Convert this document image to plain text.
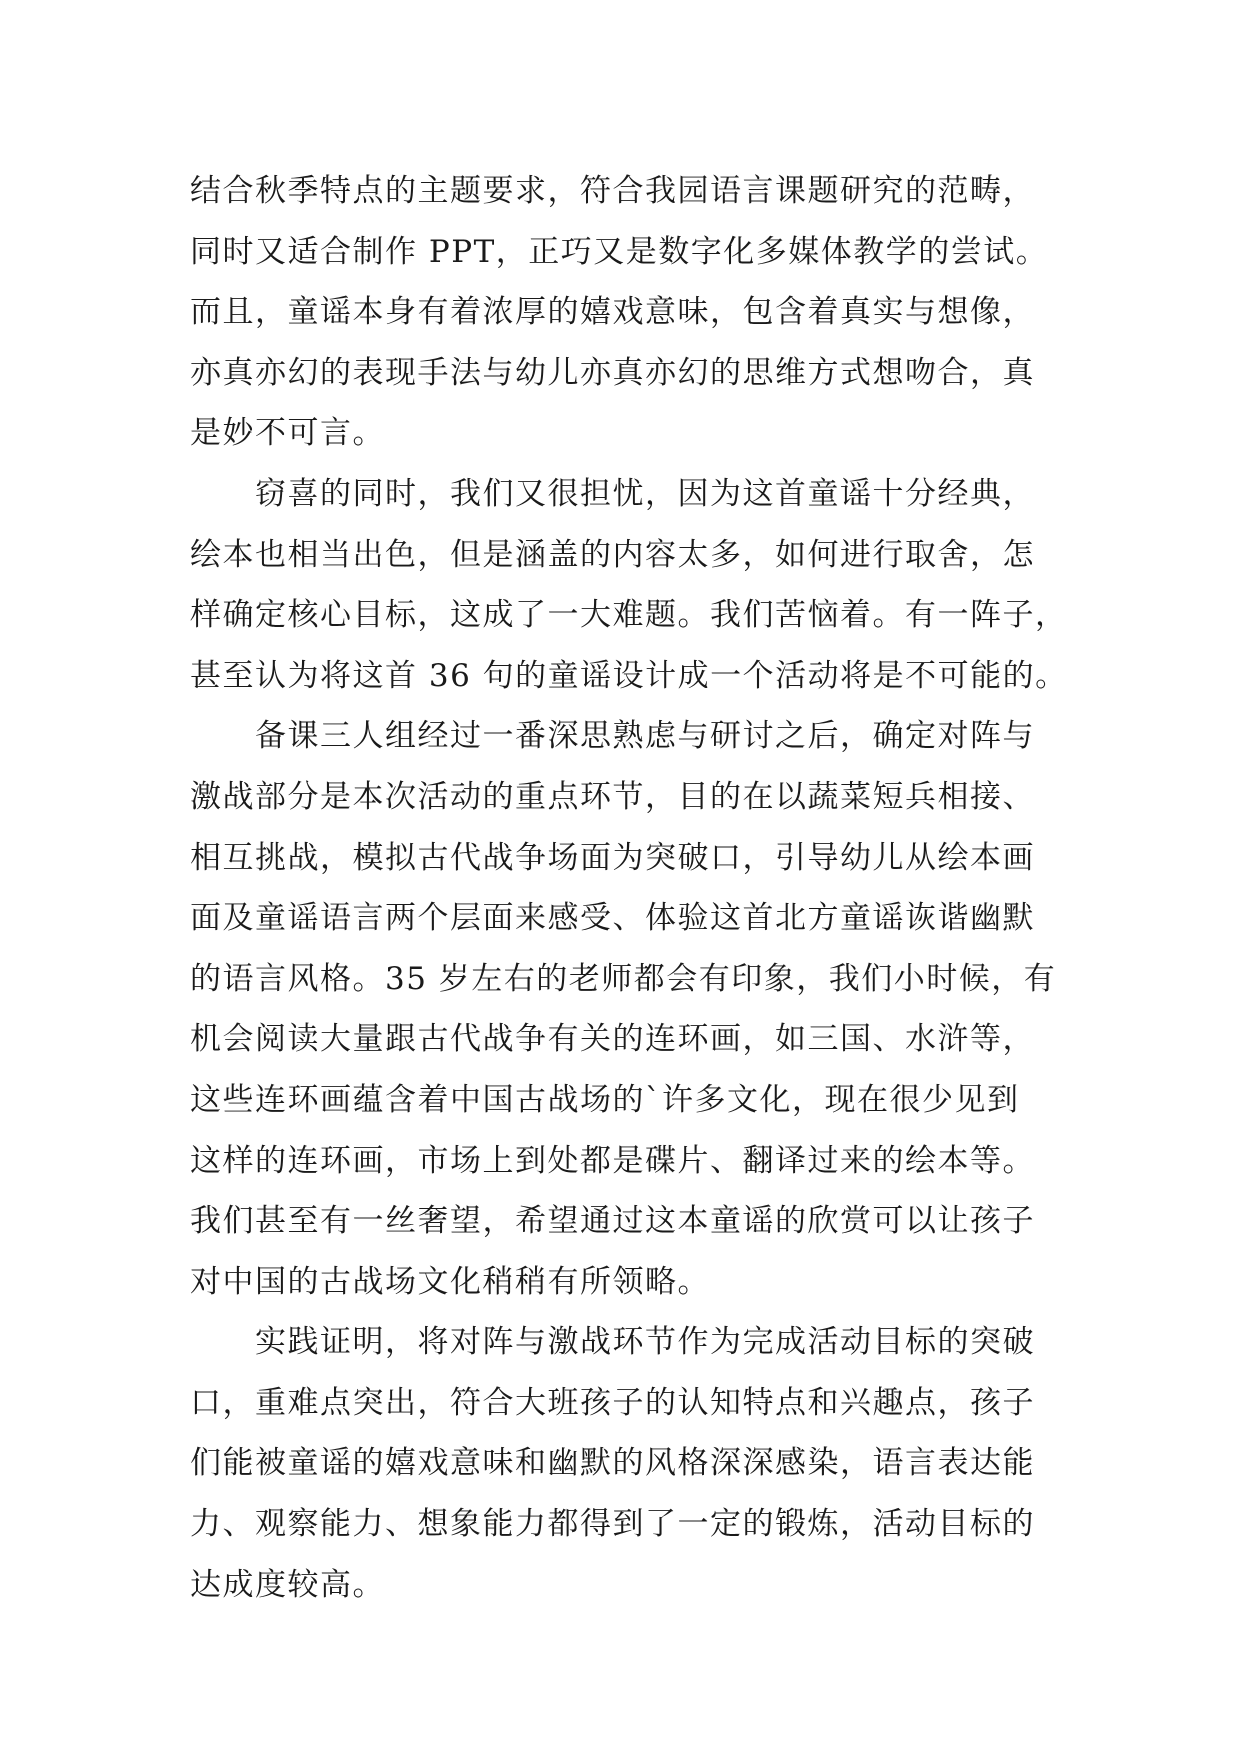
结合秋季特点的主题要求，符合我园语言课题研究的范畴，
同时又适合制作 PPT，正巧又是数字化多媒体教学的尝试。
而且，童谣本身有着浓厚的嬉戏意味，包含着真实与想像，
亦真亦幻的表现手法与幼儿亦真亦幻的思维方式想吻合，真
是妙不可言。
　　窃喜的同时，我们又很担忧，因为这首童谣十分经典，
绘本也相当出色，但是涵盖的内容太多，如何进行取舍，怎
样确定核心目标，这成了一大难题。我们苦恼着。有一阵子，
甚至认为将这首 36 句的童谣设计成一个活动将是不可能的。
　　备课三人组经过一番深思熟虑与研讨之后，确定对阵与
激战部分是本次活动的重点环节，目的在以蔬菜短兵相接、
相互挑战，模拟古代战争场面为突破口，引导幼儿从绘本画
面及童谣语言两个层面来感受、体验这首北方童谣诙谐幽默
的语言风格。35 岁左右的老师都会有印象，我们小时候，有
机会阅读大量跟古代战争有关的连环画，如三国、水浒等，
这些连环画蕴含着中国古战场的`许多文化，现在很少见到
这样的连环画，市场上到处都是碟片、翻译过来的绘本等。
我们甚至有一丝奢望，希望通过这本童谣的欣赏可以让孩子
对中国的古战场文化稍稍有所领略。
　　实践证明，将对阵与激战环节作为完成活动目标的突破
口，重难点突出，符合大班孩子的认知特点和兴趣点，孩子
们能被童谣的嬉戏意味和幽默的风格深深感染，语言表达能
力、观察能力、想象能力都得到了一定的锻炼，活动目标的
达成度较高。
